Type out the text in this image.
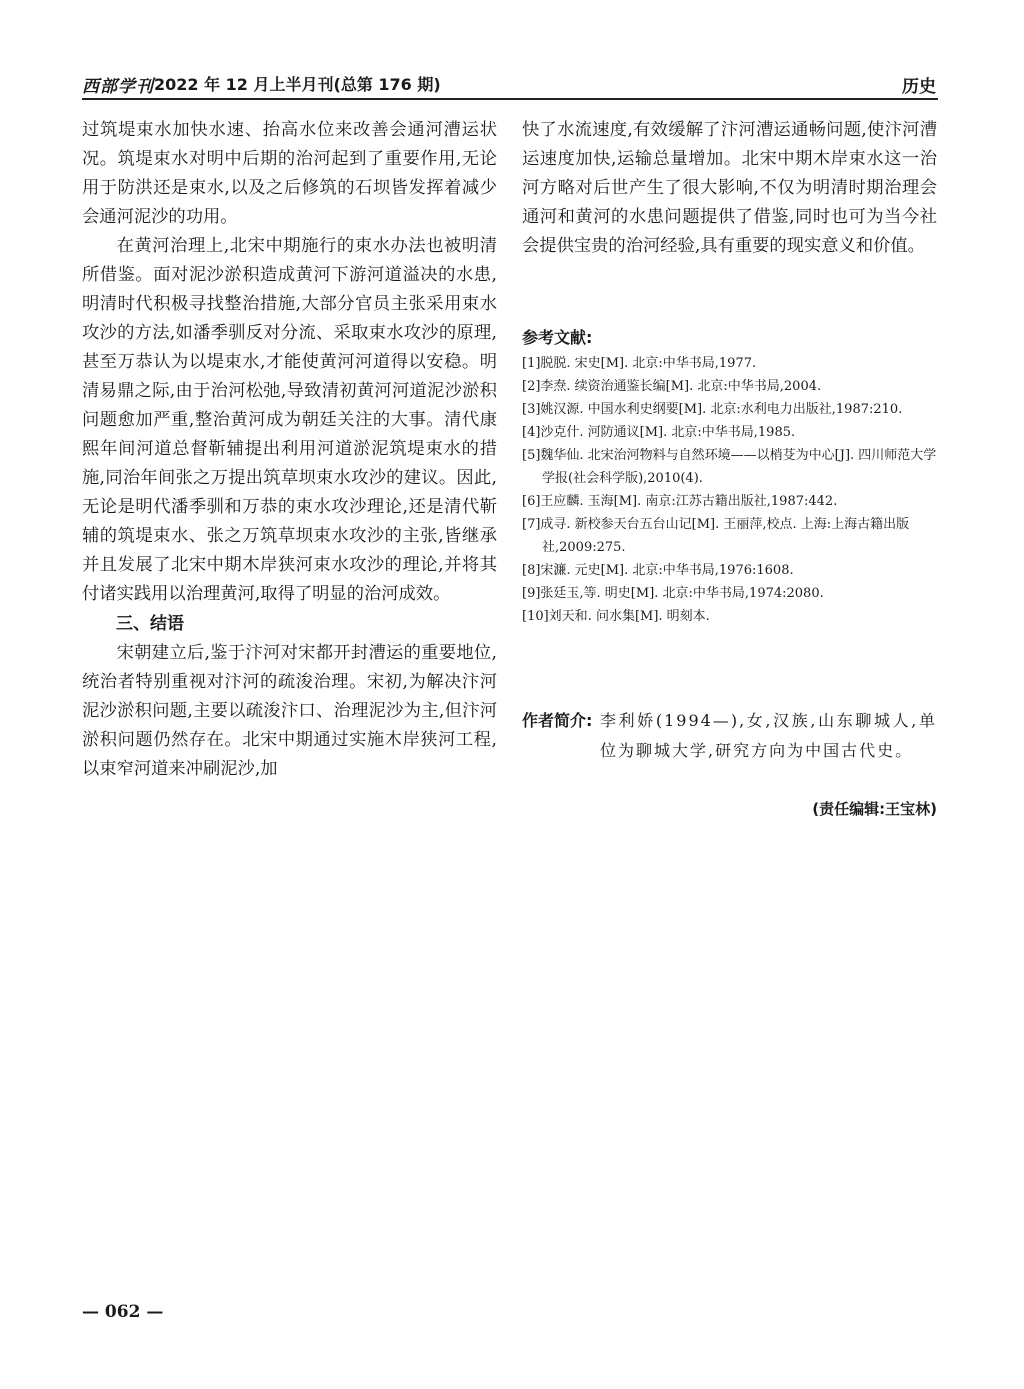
西部学刊 2022 年 12 月上半月刊(总第 176 期)	历史

过筑堤束水加快水速、抬高水位来改善会通河漕运状况。筑堤束水对明中后期的治河起到了重要作用,无论用于防洪还是束水,以及之后修筑的石坝皆发挥着减少会通河泥沙的功用。

在黄河治理上,北宋中期施行的束水办法也被明清所借鉴。面对泥沙淤积造成黄河下游河道溢决的水患,明清时代积极寻找整治措施,大部分官员主张采用束水攻沙的方法,如潘季驯反对分流、采取束水攻沙的原理,甚至万恭认为以堤束水,才能使黄河河道得以安稳。明清易鼎之际,由于治河松弛,导致清初黄河河道泥沙淤积问题愈加严重,整治黄河成为朝廷关注的大事。清代康熙年间河道总督靳辅提出利用河道淤泥筑堤束水的措施,同治年间张之万提出筑草坝束水攻沙的建议。因此,无论是明代潘季驯和万恭的束水攻沙理论,还是清代靳辅的筑堤束水、张之万筑草坝束水攻沙的主张,皆继承并且发展了北宋中期木岸狭河束水攻沙的理论,并将其付诸实践用以治理黄河,取得了明显的治河成效。

三、结语

宋朝建立后,鉴于汴河对宋都开封漕运的重要地位,统治者特别重视对汴河的疏浚治理。宋初,为解决汴河泥沙淤积问题,主要以疏浚汴口、治理泥沙为主,但汴河淤积问题仍然存在。北宋中期通过实施木岸狭河工程,以束窄河道来冲刷泥沙,加

快了水流速度,有效缓解了汴河漕运通畅问题,使汴河漕运速度加快,运输总量增加。北宋中期木岸束水这一治河方略对后世产生了很大影响,不仅为明清时期治理会通河和黄河的水患问题提供了借鉴,同时也可为当今社会提供宝贵的治河经验,具有重要的现实意义和价值。

参考文献:
[1]脱脱. 宋史[M]. 北京:中华书局,1977.
[2]李焘. 续资治通鉴长编[M]. 北京:中华书局,2004.
[3]姚汉源. 中国水利史纲要[M]. 北京:水利电力出版社,1987:210.
[4]沙克什. 河防通议[M]. 北京:中华书局,1985.
[5]魏华仙. 北宋治河物料与自然环境——以梢芟为中心[J]. 四川师范大学学报(社会科学版),2010(4).
[6]王应麟. 玉海[M]. 南京:江苏古籍出版社,1987:442.
[7]成寻. 新校参天台五台山记[M]. 王丽萍,校点. 上海:上海古籍出版社,2009:275.
[8]宋濂. 元史[M]. 北京:中华书局,1976:1608.
[9]张廷玉,等. 明史[M]. 北京:中华书局,1974:2080.
[10]刘天和. 问水集[M]. 明刻本.
作者简介: 李利娇(1994—),女,汉族,山东聊城人,单位为聊城大学,研究方向为中国古代史。
(责任编辑:王宝林)
— 062 —
